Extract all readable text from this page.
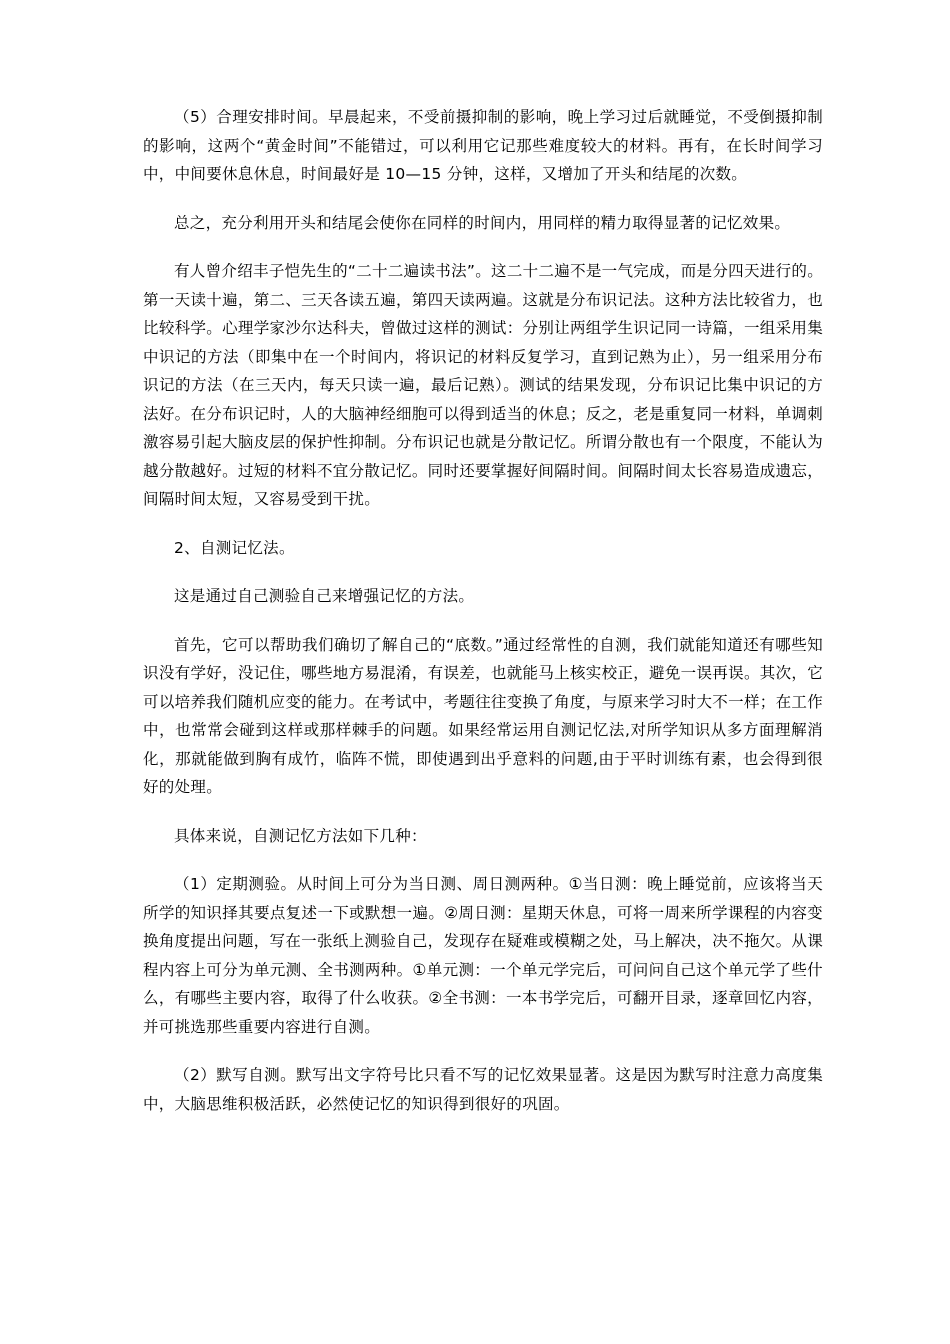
（5）合理安排时间。早晨起来，不受前摄抑制的影响，晚上学习过后就睡觉，不受倒摄抑制的影响，这两个“黄金时间”不能错过，可以利用它记那些难度较大的材料。再有，在长时间学习中，中间要休息休息，时间最好是 10—15 分钟，这样，又增加了开头和结尾的次数。

总之，充分利用开头和结尾会使你在同样的时间内，用同样的精力取得显著的记忆效果。

有人曾介绍丰子恺先生的“二十二遍读书法”。这二十二遍不是一气完成，而是分四天进行的。第一天读十遍，第二、三天各读五遍，第四天读两遍。这就是分布识记法。这种方法比较省力，也比较科学。心理学家沙尔达科夫，曾做过这样的测试：分别让两组学生识记同一诗篇，一组采用集中识记的方法（即集中在一个时间内，将识记的材料反复学习，直到记熟为止），另一组采用分布识记的方法（在三天内，每天只读一遍，最后记熟）。测试的结果发现，分布识记比集中识记的方法好。在分布识记时，人的大脑神经细胞可以得到适当的休息；反之，老是重复同一材料，单调刺激容易引起大脑皮层的保护性抑制。分布识记也就是分散记忆。所谓分散也有一个限度，不能认为越分散越好。过短的材料不宜分散记忆。同时还要掌握好间隔时间。间隔时间太长容易造成遗忘，间隔时间太短，又容易受到干扰。

2、自测记忆法。

这是通过自己测验自己来增强记忆的方法。

首先，它可以帮助我们确切了解自己的“底数。”通过经常性的自测，我们就能知道还有哪些知识没有学好，没记住，哪些地方易混淆，有误差，也就能马上核实校正，避免一误再误。其次，它可以培养我们随机应变的能力。在考试中，考题往往变换了角度，与原来学习时大不一样；在工作中，也常常会碰到这样或那样棘手的问题。如果经常运用自测记忆法,对所学知识从多方面理解消化，那就能做到胸有成竹，临阵不慌，即使遇到出乎意料的问题,由于平时训练有素，也会得到很好的处理。

具体来说，自测记忆方法如下几种：

（1）定期测验。从时间上可分为当日测、周日测两种。①当日测：晚上睡觉前，应该将当天所学的知识择其要点复述一下或默想一遍。②周日测：星期天休息，可将一周来所学课程的内容变换角度提出问题，写在一张纸上测验自己，发现存在疑难或模糊之处，马上解决，决不拖欠。从课程内容上可分为单元测、全书测两种。①单元测：一个单元学完后，可问问自己这个单元学了些什么，有哪些主要内容，取得了什么收获。②全书测：一本书学完后，可翻开目录，逐章回忆内容，并可挑选那些重要内容进行自测。

（2）默写自测。默写出文字符号比只看不写的记忆效果显著。这是因为默写时注意力高度集中，大脑思维积极活跃，必然使记忆的知识得到很好的巩固。
